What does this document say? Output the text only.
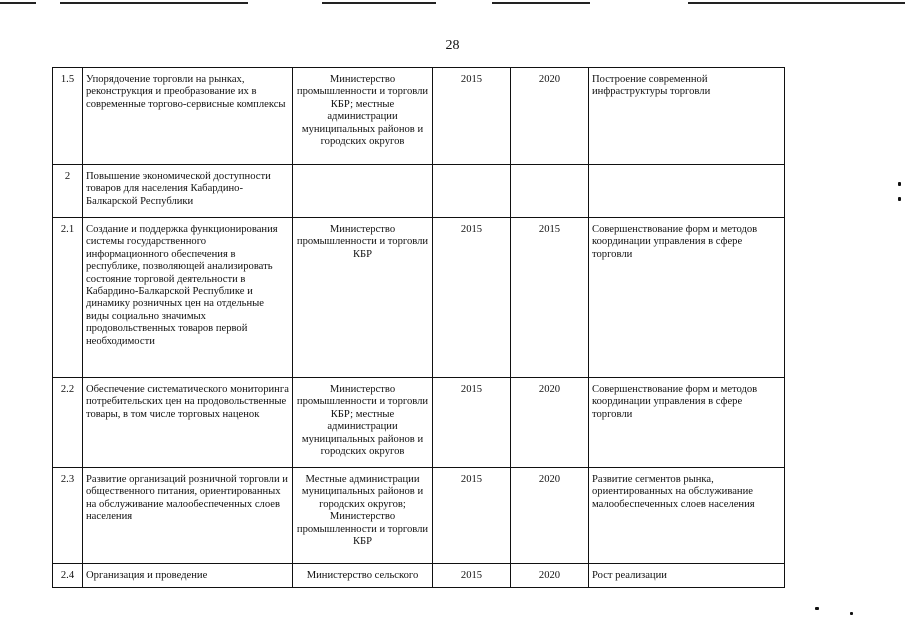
28
1.5	Упорядочение торговли на рынках, реконструкция и преобразование их в современные торгово-сервисные комплексы	Министерство промышленности и торговли КБР; местные администрации муниципальных районов и городских округов	2015	2020	Построение современной инфраструктуры торговли
2	Повышение экономической доступности товаров для населения Кабардино-Балкарской Республики				
2.1	Создание и поддержка функционирования системы государственного информационного обеспечения в республике, позволяющей анализировать состояние торговой деятельности в Кабардино-Балкарской Республике и динамику розничных цен на отдельные виды социально значимых продовольственных товаров первой необходимости	Министерство промышленности и торговли КБР	2015	2015	Совершенствование форм и методов координации управления в сфере торговли
2.2	Обеспечение систематического мониторинга потребительских цен на продовольственные товары, в том числе торговых наценок	Министерство промышленности и торговли КБР; местные администрации муниципальных районов и городских округов	2015	2020	Совершенствование форм и методов координации управления в сфере торговли
2.3	Развитие организаций розничной торговли и общественного питания, ориентированных на обслуживание малообеспеченных слоев населения	Местные администрации муниципальных районов и городских округов; Министерство промышленности и торговли КБР	2015	2020	Развитие сегментов рынка, ориентированных на обслуживание малообеспеченных слоев населения
2.4	Организация и проведение	Министерство сельского	2015	2020	Рост реализации
